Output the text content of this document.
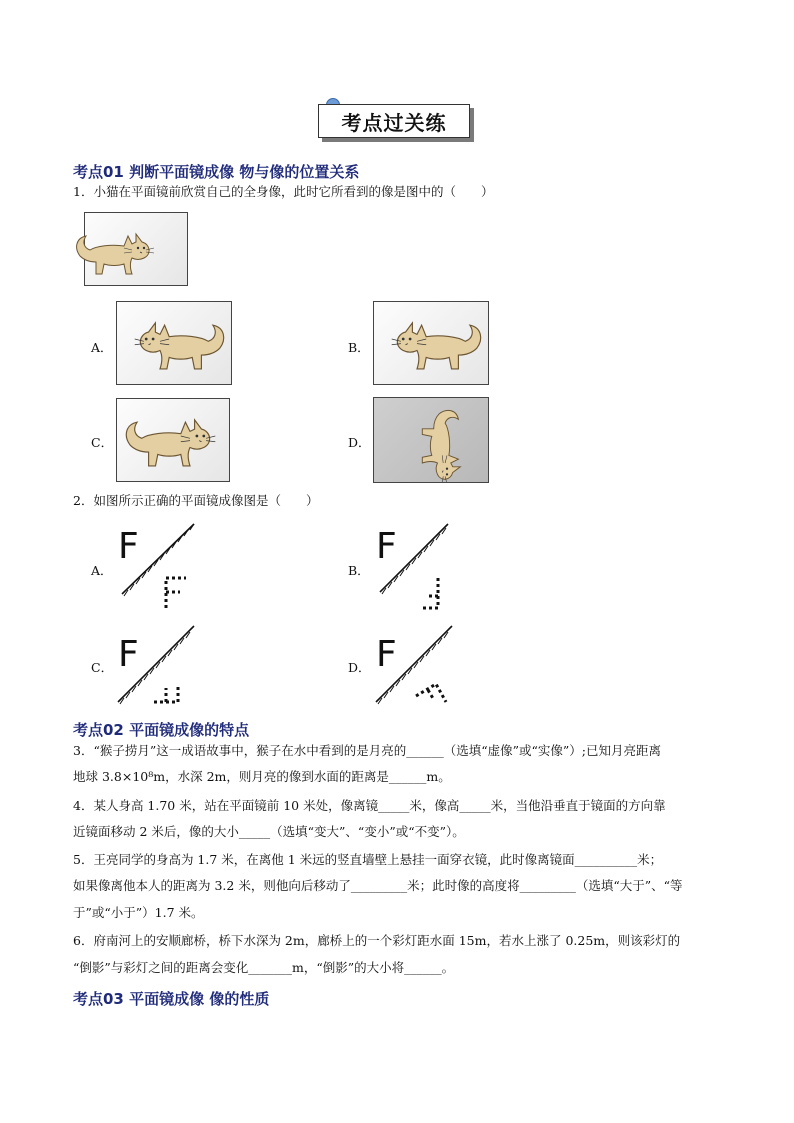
考点过关练
考点01 判断平面镜成像 物与像的位置关系
1．小猫在平面镜前欣赏自己的全身像，此时它所看到的像是图中的（　　）
A．	B．
C．	D．
2．如图所示正确的平面镜成像图是（　　）
A．
F
B．
F
C． F	D． F
考点02 平面镜成像的特点
3．“猴子捞月”这一成语故事中，猴子在水中看到的是月亮的______（选填“虚像”或“实像”）;已知月亮距离
地球 3.8×10⁸m，水深 2m，则月亮的像到水面的距离是______m。
4．某人身高 1.70 米，站在平面镜前 10 米处，像离镜_____米，像高_____米，当他沿垂直于镜面的方向靠
近镜面移动 2 米后，像的大小_____（选填“变大”、“变小”或“不变”）。
5．王亮同学的身高为 1.7 米，在离他 1 米远的竖直墙壁上悬挂一面穿衣镜，此时像离镜面__________米；
如果像离他本人的距离为 3.2 米，则他向后移动了_________米；此时像的高度将_________（选填“大于”、“等
于”或“小于”）1.7 米。
6．府南河上的安顺廊桥，桥下水深为 2m，廊桥上的一个彩灯距水面 15m，若水上涨了 0.25m，则该彩灯的
“倒影”与彩灯之间的距离会变化_______m，“倒影”的大小将______。
考点03 平面镜成像 像的性质
